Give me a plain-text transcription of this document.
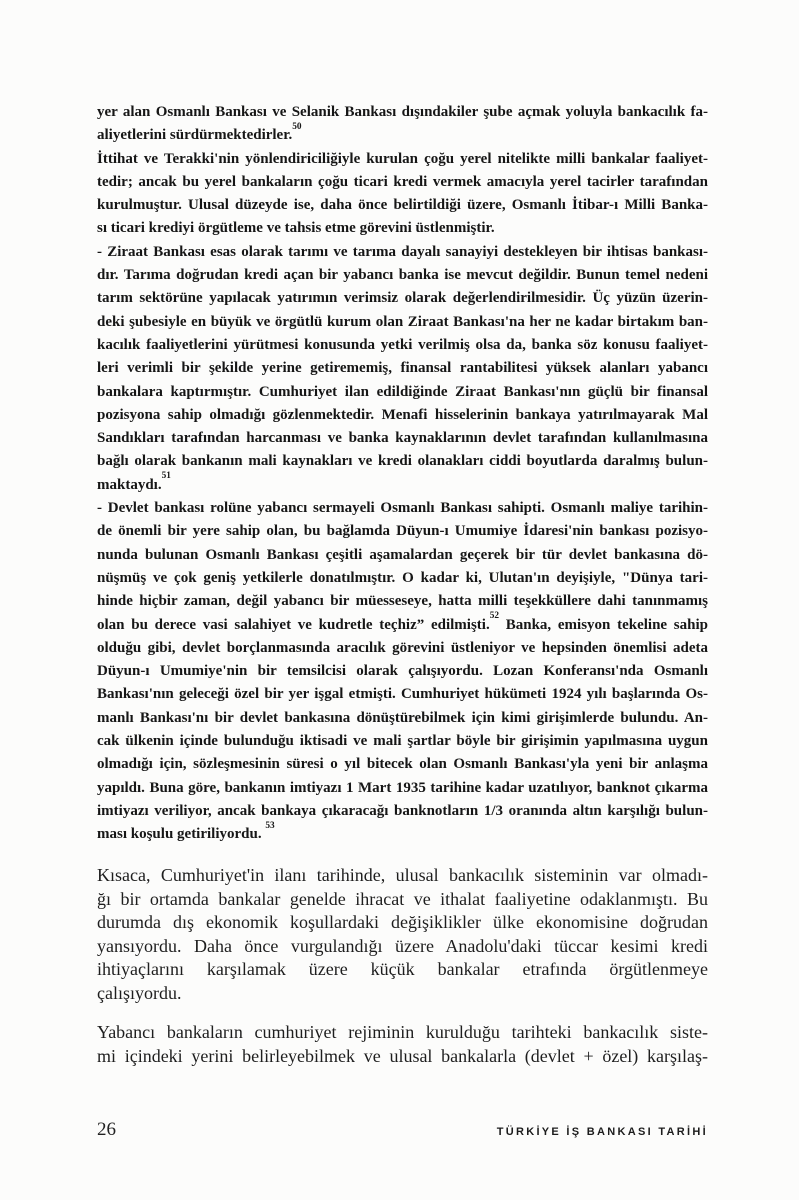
yer alan Osmanlı Bankası ve Selanik Bankası dışındakiler şube açmak yoluyla bankacılık fa-
aliyetlerini sürdürmektedirler.$^{50}$

İttihat ve Terakki'nin yönlendiriciliğiyle kurulan çoğu yerel nitelikte milli bankalar faaliyet-
tedir; ancak bu yerel bankaların çoğu ticari kredi vermek amacıyla yerel tacirler tarafından
kurulmuştur. Ulusal düzeyde ise, daha önce belirtildiği üzere, Osmanlı İtibar-ı Milli Banka-
sı ticari krediyi örgütleme ve tahsis etme görevini üstlenmiştir.

- Ziraat Bankası esas olarak tarımı ve tarıma dayalı sanayiyi destekleyen bir ihtisas bankası-
dır. Tarıma doğrudan kredi açan bir yabancı banka ise mevcut değildir. Bunun temel nedeni
tarım sektörüne yapılacak yatırımın verimsiz olarak değerlendirilmesidir. Üç yüzün üzerin-
deki şubesiyle en büyük ve örgütlü kurum olan Ziraat Bankası'na her ne kadar birtakım ban-
kacılık faaliyetlerini yürütmesi konusunda yetki verilmiş olsa da, banka söz konusu faaliyet-
leri verimli bir şekilde yerine getirememiş, finansal rantabilitesi yüksek alanları yabancı
bankalara kaptırmıştır. Cumhuriyet ilan edildiğinde Ziraat Bankası'nın güçlü bir finansal
pozisyona sahip olmadığı gözlenmektedir. Menafi hisselerinin bankaya yatırılmayarak Mal
Sandıkları tarafından harcanması ve banka kaynaklarının devlet tarafından kullanılmasına
bağlı olarak bankanın mali kaynakları ve kredi olanakları ciddi boyutlarda daralmış bulun-
maktaydı.$^{51}$

- Devlet bankası rolüne yabancı sermayeli Osmanlı Bankası sahipti. Osmanlı maliye tarihin-
de önemli bir yere sahip olan, bu bağlamda Düyun-ı Umumiye İdaresi'nin bankası pozisyo-
nunda bulunan Osmanlı Bankası çeşitli aşamalardan geçerek bir tür devlet bankasına dö-
nüşmüş ve çok geniş yetkilerle donatılmıştır. O kadar ki, Ulutan'ın deyişiyle, "Dünya tari-
hinde hiçbir zaman, değil yabancı bir müesseseye, hatta milli teşekküllere dahi tanınmamış
olan bu derece vasi salahiyet ve kudretle teçhiz” edilmişti.$^{52}$ Banka, emisyon tekeline sahip
olduğu gibi, devlet borçlanmasında aracılık görevini üstleniyor ve hepsinden önemlisi adeta
Düyun-ı Umumiye'nin bir temsilcisi olarak çalışıyordu. Lozan Konferansı'nda Osmanlı
Bankası'nın geleceği özel bir yer işgal etmişti. Cumhuriyet hükümeti 1924 yılı başlarında Os-
manlı Bankası'nı bir devlet bankasına dönüştürebilmek için kimi girişimlerde bulundu. An-
cak ülkenin içinde bulunduğu iktisadi ve mali şartlar böyle bir girişimin yapılmasına uygun
olmadığı için, sözleşmesinin süresi o yıl bitecek olan Osmanlı Bankası'yla yeni bir anlaşma
yapıldı. Buna göre, bankanın imtiyazı 1 Mart 1935 tarihine kadar uzatılıyor, banknot çıkarma
imtiyazı veriliyor, ancak bankaya çıkaracağı banknotların 1/3 oranında altın karşılığı bulun-
ması koşulu getiriliyordu. $^{53}$

Kısaca, Cumhuriyet'in ilanı tarihinde, ulusal bankacılık sisteminin var olmadı-
ğı bir ortamda bankalar genelde ihracat ve ithalat faaliyetine odaklanmıştı. Bu
durumda dış ekonomik koşullardaki değişiklikler ülke ekonomisine doğrudan
yansıyordu. Daha önce vurgulandığı üzere Anadolu'daki tüccar kesimi kredi
ihtiyaçlarını karşılamak üzere küçük bankalar etrafında örgütlenmeye
çalışıyordu.

Yabancı bankaların cumhuriyet rejiminin kurulduğu tarihteki bankacılık siste-
mi içindeki yerini belirleyebilmek ve ulusal bankalarla (devlet + özel) karşılaş-

26	TÜRKİYE İŞ BANKASI TARİHİ
